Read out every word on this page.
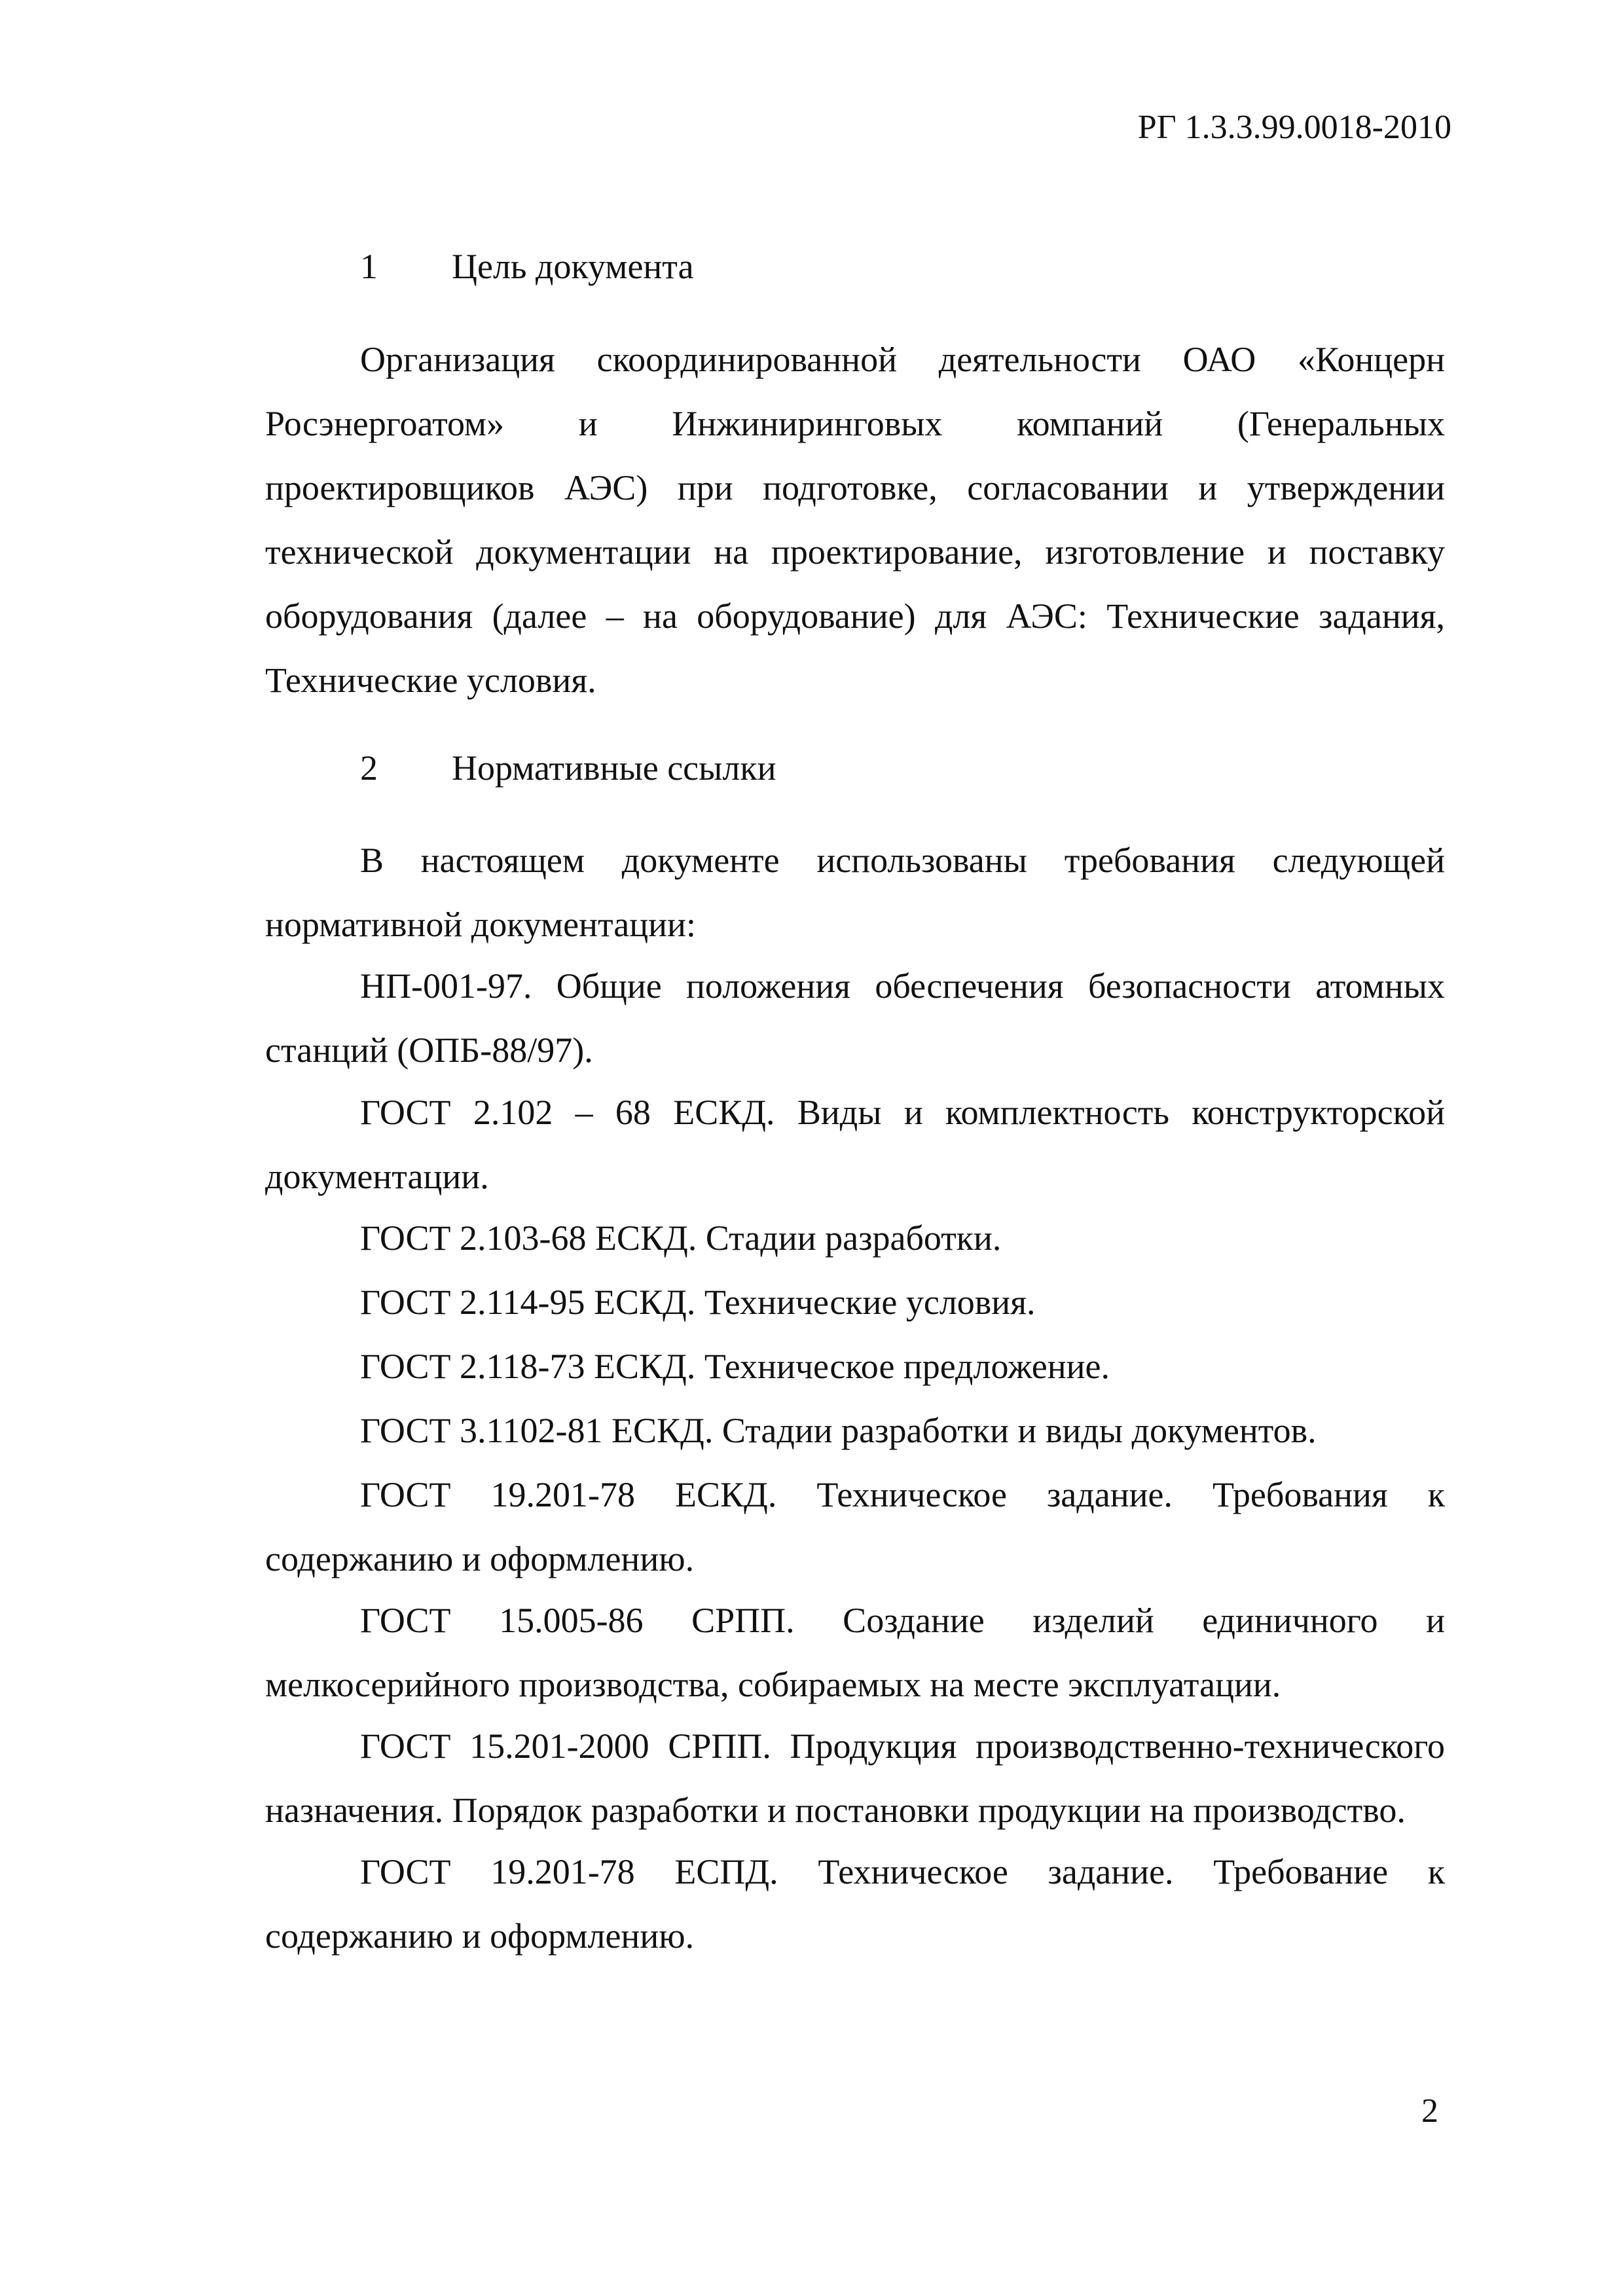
РГ 1.3.3.99.0018-2010
1 Цель документа

Организация скоординированной деятельности ОАО «Концерн Росэнергоатом» и Инжиниринговых компаний (Генеральных проектировщиков АЭС) при подготовке, согласовании и утверждении технической документации на проектирование, изготовление и поставку оборудования (далее – на оборудование) для АЭС: Технические задания, Технические условия.

2 Нормативные ссылки

В настоящем документе использованы требования следующей нормативной документации:

НП-001-97. Общие положения обеспечения безопасности атомных станций (ОПБ-88/97).

ГОСТ 2.102 – 68 ЕСКД. Виды и комплектность конструкторской документации.

ГОСТ 2.103-68 ЕСКД. Стадии разработки.

ГОСТ 2.114-95 ЕСКД. Технические условия.

ГОСТ 2.118-73 ЕСКД. Техническое предложение.

ГОСТ 3.1102-81 ЕСКД. Стадии разработки и виды документов.

ГОСТ 19.201-78 ЕСКД. Техническое задание. Требования к содержанию и оформлению.

ГОСТ 15.005-86 СРПП. Создание изделий единичного и мелкосерийного производства, собираемых на месте эксплуатации.

ГОСТ 15.201-2000 СРПП. Продукция производственно-технического назначения. Порядок разработки и постановки продукции на производство.

ГОСТ 19.201-78 ЕСПД. Техническое задание. Требование к содержанию и оформлению.

2
